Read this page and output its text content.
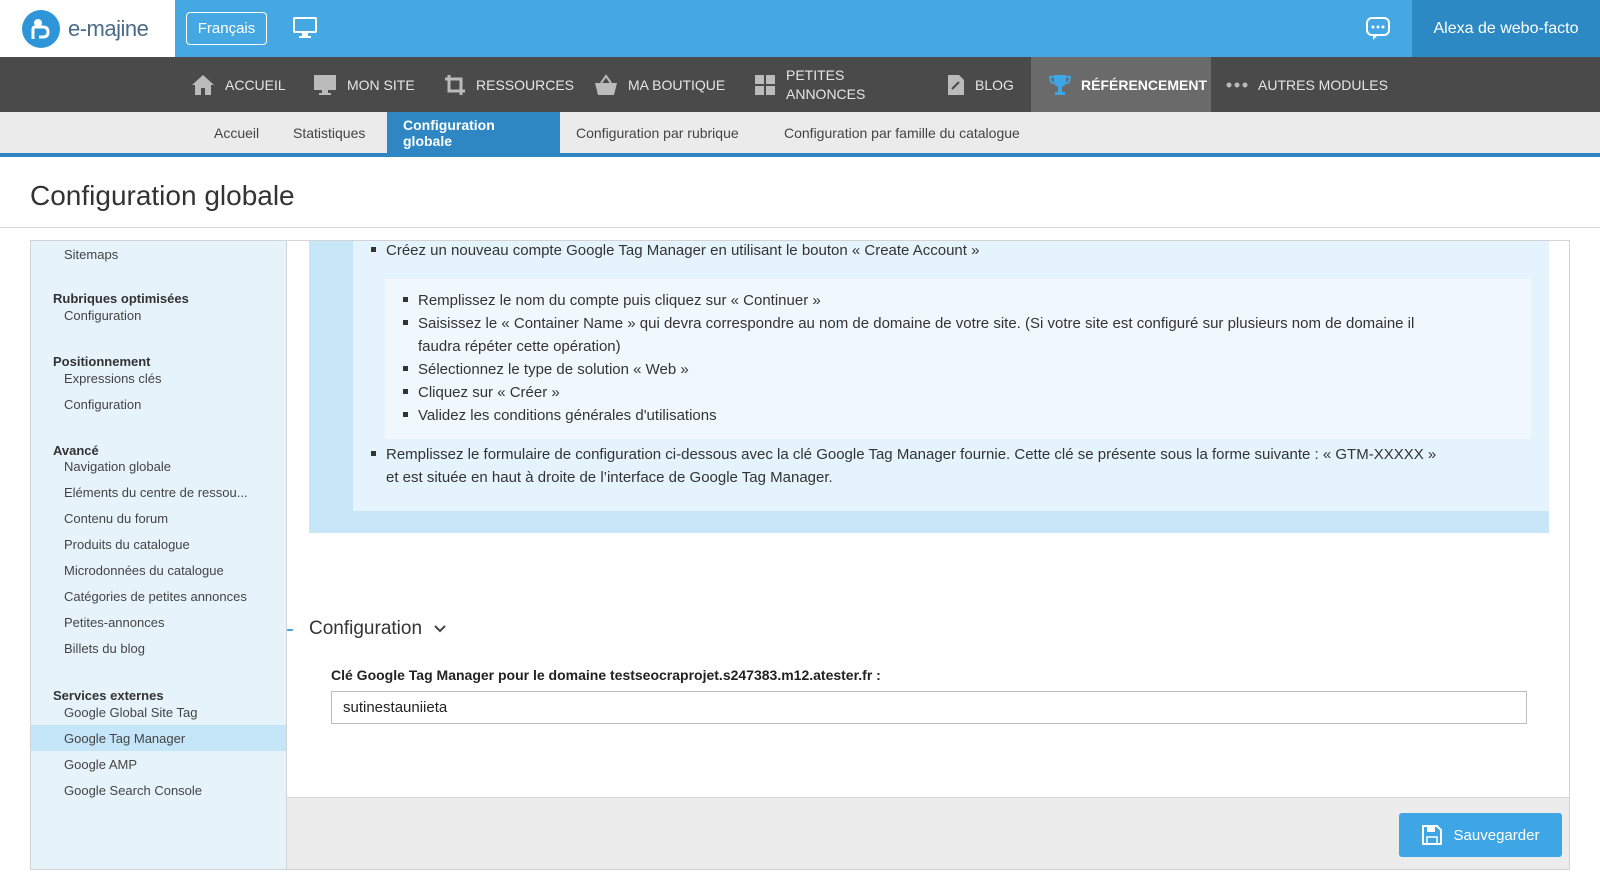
e-majine	Français	Alexa de webo-facto
ACCUEIL	MON SITE	RESSOURCES	MA BOUTIQUE
PETITES
ANNONCES
BLOG	RÉFÉRENCEMENT	AUTRES MODULES
Accueil	Statistiques	Configuration globale	Configuration par rubrique	Configuration par famille du catalogue
Configuration globale
Sitemaps
Rubriques optimisées
Configuration
Positionnement
Expressions clés
Configuration
Avancé
Navigation globale
Eléments du centre de ressou...
Contenu du forum
Produits du catalogue
Microdonnées du catalogue
Catégories de petites annonces
Petites-annonces
Billets du blog
Services externes
Google Global Site Tag
Google Tag Manager
Google AMP
Google Search Console
Créez un nouveau compte Google Tag Manager en utilisant le bouton « Create Account »
Remplissez le nom du compte puis cliquez sur « Continuer »
Saisissez le « Container Name » qui devra correspondre au nom de domaine de votre site. (Si votre site est configuré sur plusieurs nom de domaine il
faudra répéter cette opération)
Sélectionnez le type de solution « Web »
Cliquez sur « Créer »
Validez les conditions générales d'utilisations
Remplissez le formulaire de configuration ci-dessous avec la clé Google Tag Manager fournie. Cette clé se présente sous la forme suivante : « GTM-XXXXX »
et est située en haut à droite de l’interface de Google Tag Manager.
Configuration
Clé Google Tag Manager pour le domaine testseocraprojet.s247383.m12.atester.fr :
sutinestauniieta
Sauvegarder
